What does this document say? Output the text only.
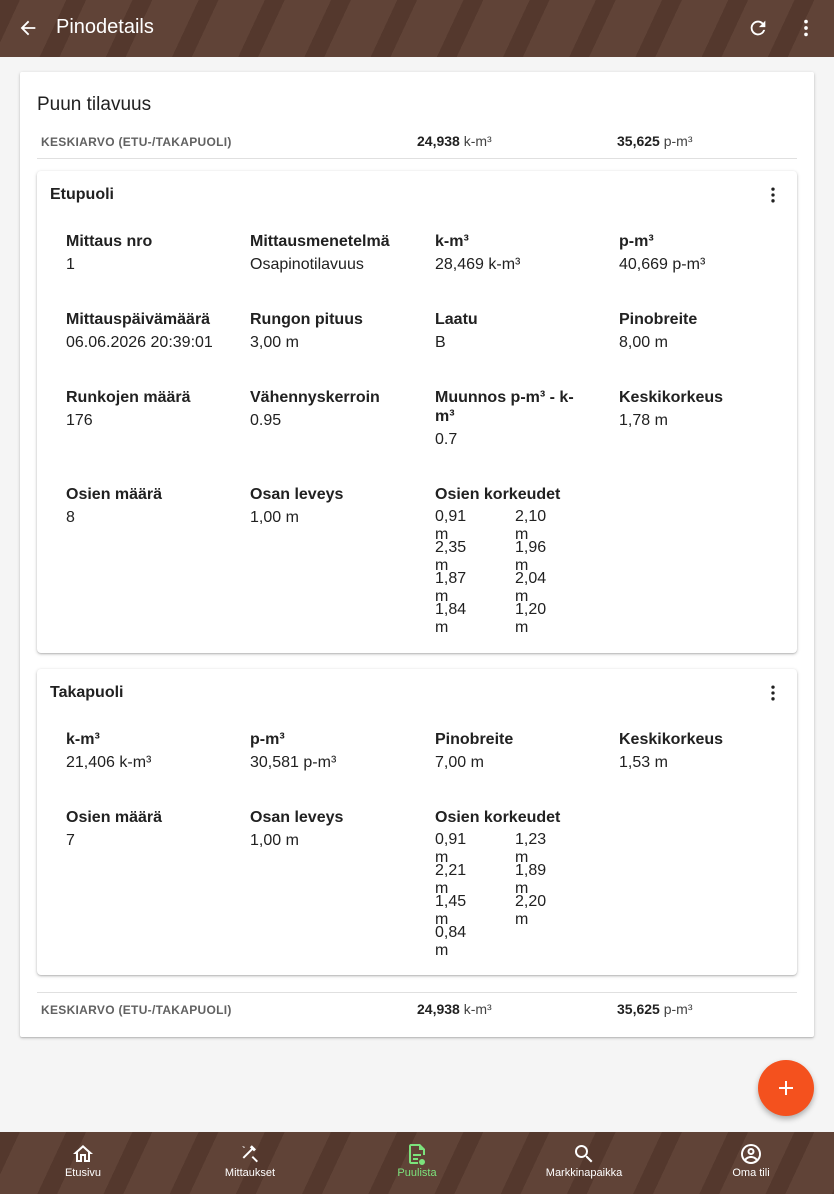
Pinodetails
Puun tilavuus
KESKIARVO (ETU-/TAKAPUOLI)	24,938 k-m³	35,625 p-m³
Etupuoli
Mittaus nro
1
Mittausmenetelmä
Osapinotilavuus
k-m³
28,469 k-m³
p-m³
40,669 p-m³
Mittauspäivämäärä
06.06.2026 20:39:01
Rungon pituus
3,00 m
Laatu
B
Pinobreite
8,00 m
Runkojen määrä
176
Vähennyskerroin
0.95
Muunnos p-m³ - k-m³
0.7
Keskikorkeus
1,78 m
Osien määrä
8
Osan leveys
1,00 m
Osien korkeudet
0,91 m
2,10 m
2,35 m
1,96 m
1,87 m
2,04 m
1,84 m
1,20 m
Takapuoli
k-m³
21,406 k-m³
p-m³
30,581 p-m³
Pinobreite
7,00 m
Keskikorkeus
1,53 m
Osien määrä
7
Osan leveys
1,00 m
Osien korkeudet
0,91 m
1,23 m
2,21 m
1,89 m
1,45 m
2,20 m
0,84 m
KESKIARVO (ETU-/TAKAPUOLI)	24,938 k-m³	35,625 p-m³
Etusivu	Mittaukset	Puulista	Markkinapaikka	Oma tili
